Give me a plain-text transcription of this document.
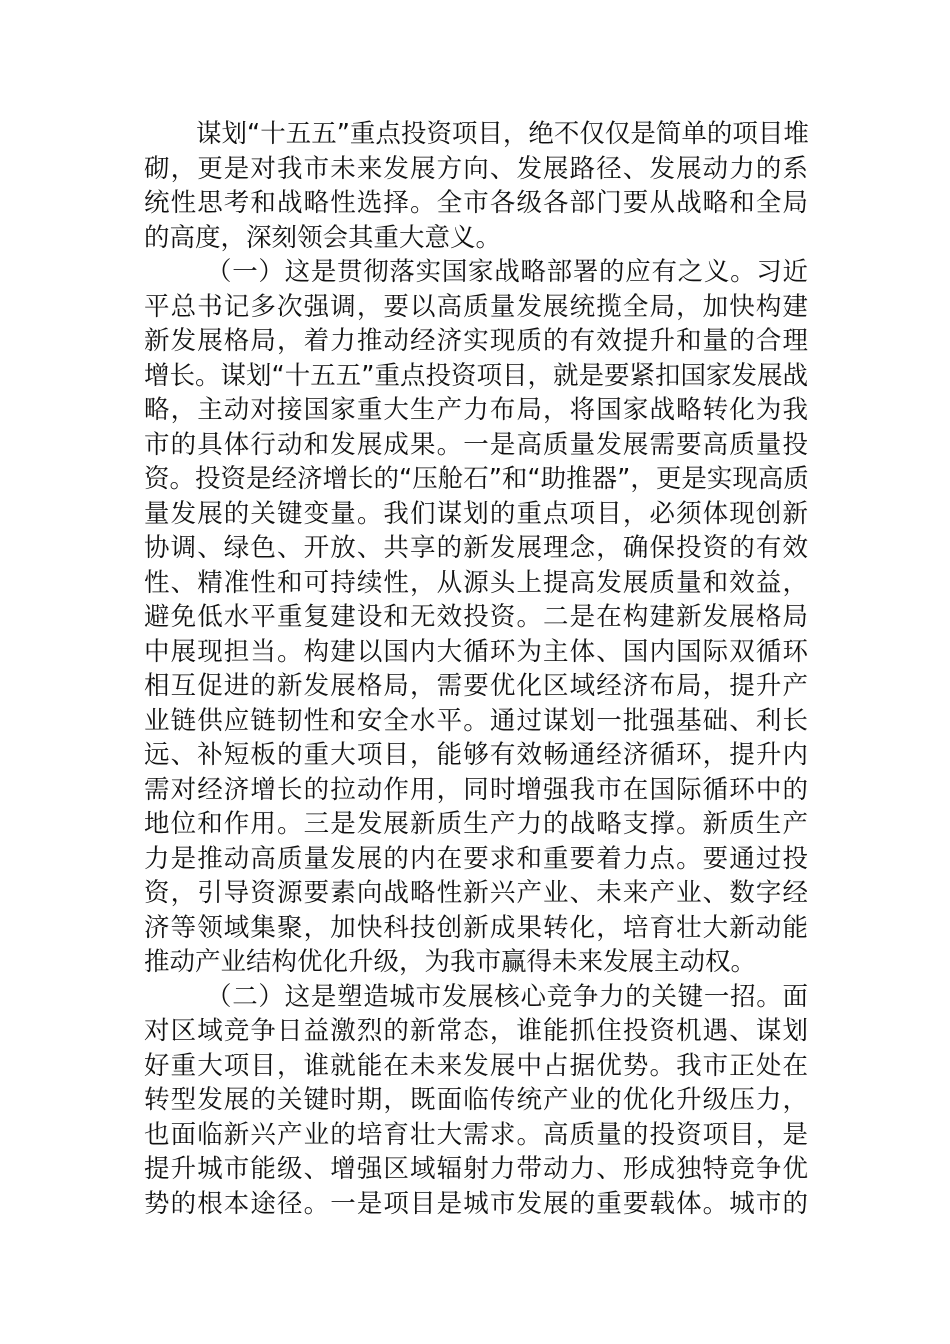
谋划“十五五”重点投资项目，绝不仅仅是简单的项目堆
砌，更是对我市未来发展方向、发展路径、发展动力的系
统性思考和战略性选择。全市各级各部门要从战略和全局
的高度，深刻领会其重大意义。
（一）这是贯彻落实国家战略部署的应有之义。习近
平总书记多次强调，要以高质量发展统揽全局，加快构建
新发展格局，着力推动经济实现质的有效提升和量的合理
增长。谋划“十五五”重点投资项目，就是要紧扣国家发展战
略，主动对接国家重大生产力布局，将国家战略转化为我
市的具体行动和发展成果。一是高质量发展需要高质量投
资。投资是经济增长的“压舱石”和“助推器”，更是实现高质
量发展的关键变量。我们谋划的重点项目，必须体现创新
协调、绿色、开放、共享的新发展理念，确保投资的有效
性、精准性和可持续性，从源头上提高发展质量和效益，
避免低水平重复建设和无效投资。二是在构建新发展格局
中展现担当。构建以国内大循环为主体、国内国际双循环
相互促进的新发展格局，需要优化区域经济布局，提升产
业链供应链韧性和安全水平。通过谋划一批强基础、利长
远、补短板的重大项目，能够有效畅通经济循环，提升内
需对经济增长的拉动作用，同时增强我市在国际循环中的
地位和作用。三是发展新质生产力的战略支撑。新质生产
力是推动高质量发展的内在要求和重要着力点。要通过投
资，引导资源要素向战略性新兴产业、未来产业、数字经
济等领域集聚，加快科技创新成果转化，培育壮大新动能
推动产业结构优化升级，为我市赢得未来发展主动权。
（二）这是塑造城市发展核心竞争力的关键一招。面
对区域竞争日益激烈的新常态，谁能抓住投资机遇、谋划
好重大项目，谁就能在未来发展中占据优势。我市正处在
转型发展的关键时期，既面临传统产业的优化升级压力，
也面临新兴产业的培育壮大需求。高质量的投资项目，是
提升城市能级、增强区域辐射力带动力、形成独特竞争优
势的根本途径。一是项目是城市发展的重要载体。城市的
